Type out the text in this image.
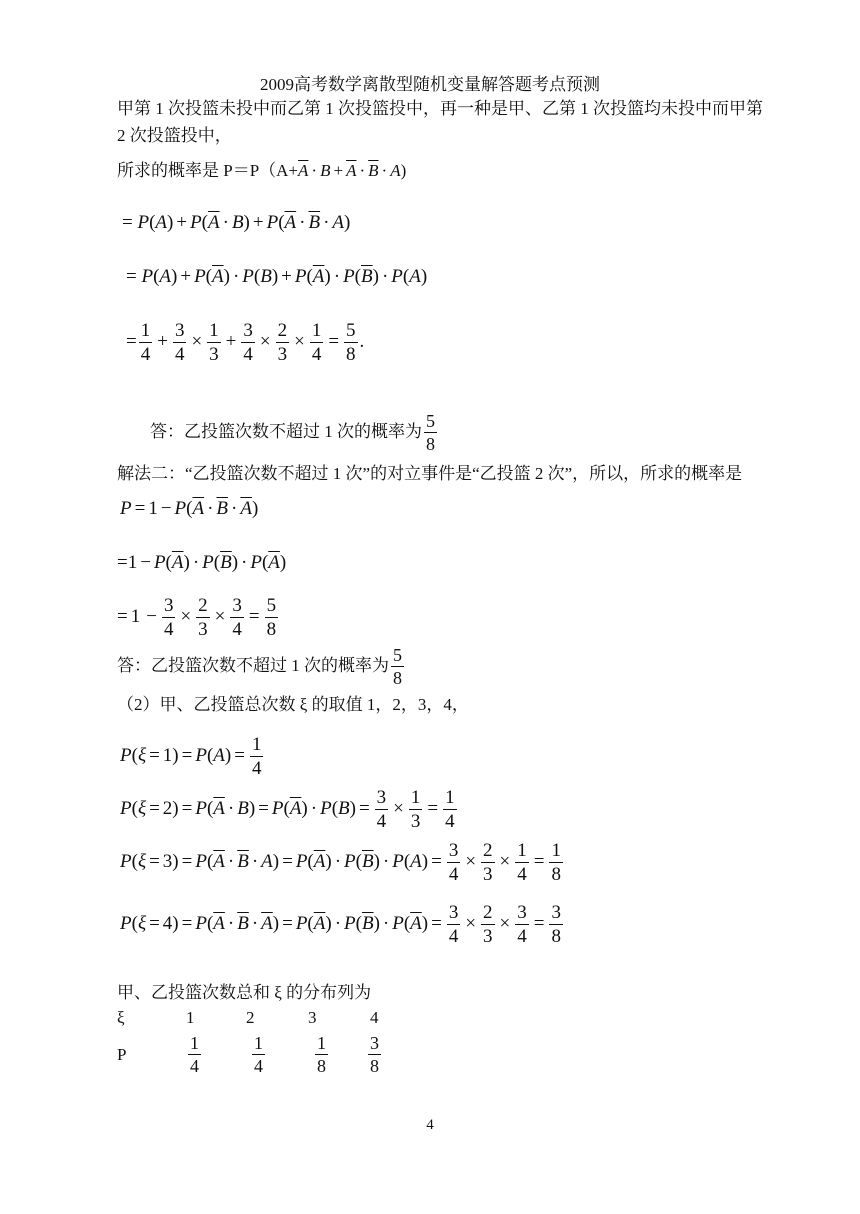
2009高考数学离散型随机变量解答题考点预测
甲第 1 次投篮未投中而乙第 1 次投篮投中，再一种是甲、乙第 1 次投篮均未投中而甲第
2 次投篮投中，
所求的概率是 $P=P(A+ \overline{A} \cdot B + \overline{A} \cdot \overline{B} \cdot A$ )
= P ( A ) + P ( $\overline{A} \cdot B$ ) + P ( $\overline{A} \cdot \overline{B} \cdot A$ )
= P ( A ) + P ( $\overline{A}$ ) · P ( B ) + P ( $\overline{A}$ ) · P ( $\overline{B}$ ) · P ( A )
= $\frac{1}{4} + \frac{3}{4} \times \frac{1}{3} + \frac{3}{4} \times \frac{2}{3} \times \frac{1}{4} = \frac{5}{8}$ .
答：乙投篮次数不超过 1 次的概率为
5
8
解法二：“乙投篮次数不超过 1 次”的对立事件是“乙投篮 2 次”，所以，所求的概率是
P = 1 − P ( $\overline{A} \cdot \overline{B} \cdot \overline{A}$ )
=1 − P ( $\overline{A}$ ) · P ( $\overline{B}$ ) · P ( $\overline{A}$ )
= $1 - \frac{3}{4} \times \frac{2}{3} \times \frac{3}{4} = \frac{5}{8}$
答：乙投篮次数不超过 1 次的概率为
5
8
（2）甲、乙投篮总次数 ξ 的取值 1，2，3，4，
P ( ξ = 1) = P ( A ) = $\frac{1}{4}$
P ( ξ = 2) = P ( $\overline{A} \cdot B$ ) = P ( $\overline{A}$ ) · P ( B ) = $\frac{3}{4} \times \frac{1}{3} = \frac{1}{4}$
P ( ξ = 3) = P ( $\overline{A} \cdot \overline{B} \cdot A$ ) = P ( $\overline{A}$ ) · P ( $\overline{B}$ ) · P ( A ) = $\frac{3}{4} \times \frac{2}{3} \times \frac{1}{4} = \frac{1}{8}$
P ( ξ = 4) = P ( $\overline{A} \cdot \overline{B} \cdot \overline{A}$ ) = P ( $\overline{A}$ ) · P ( $\overline{B}$ ) · P ( $\overline{A}$ ) = $\frac{3}{4} \times \frac{2}{3} \times \frac{3}{4} = \frac{3}{8}$
甲、乙投篮次数总和 ξ 的分布列为
ξ	1	2	3	4
P	$\frac{1}{4}$	$\frac{1}{4}$	$\frac{1}{8} \frac{3}{8}$
4
